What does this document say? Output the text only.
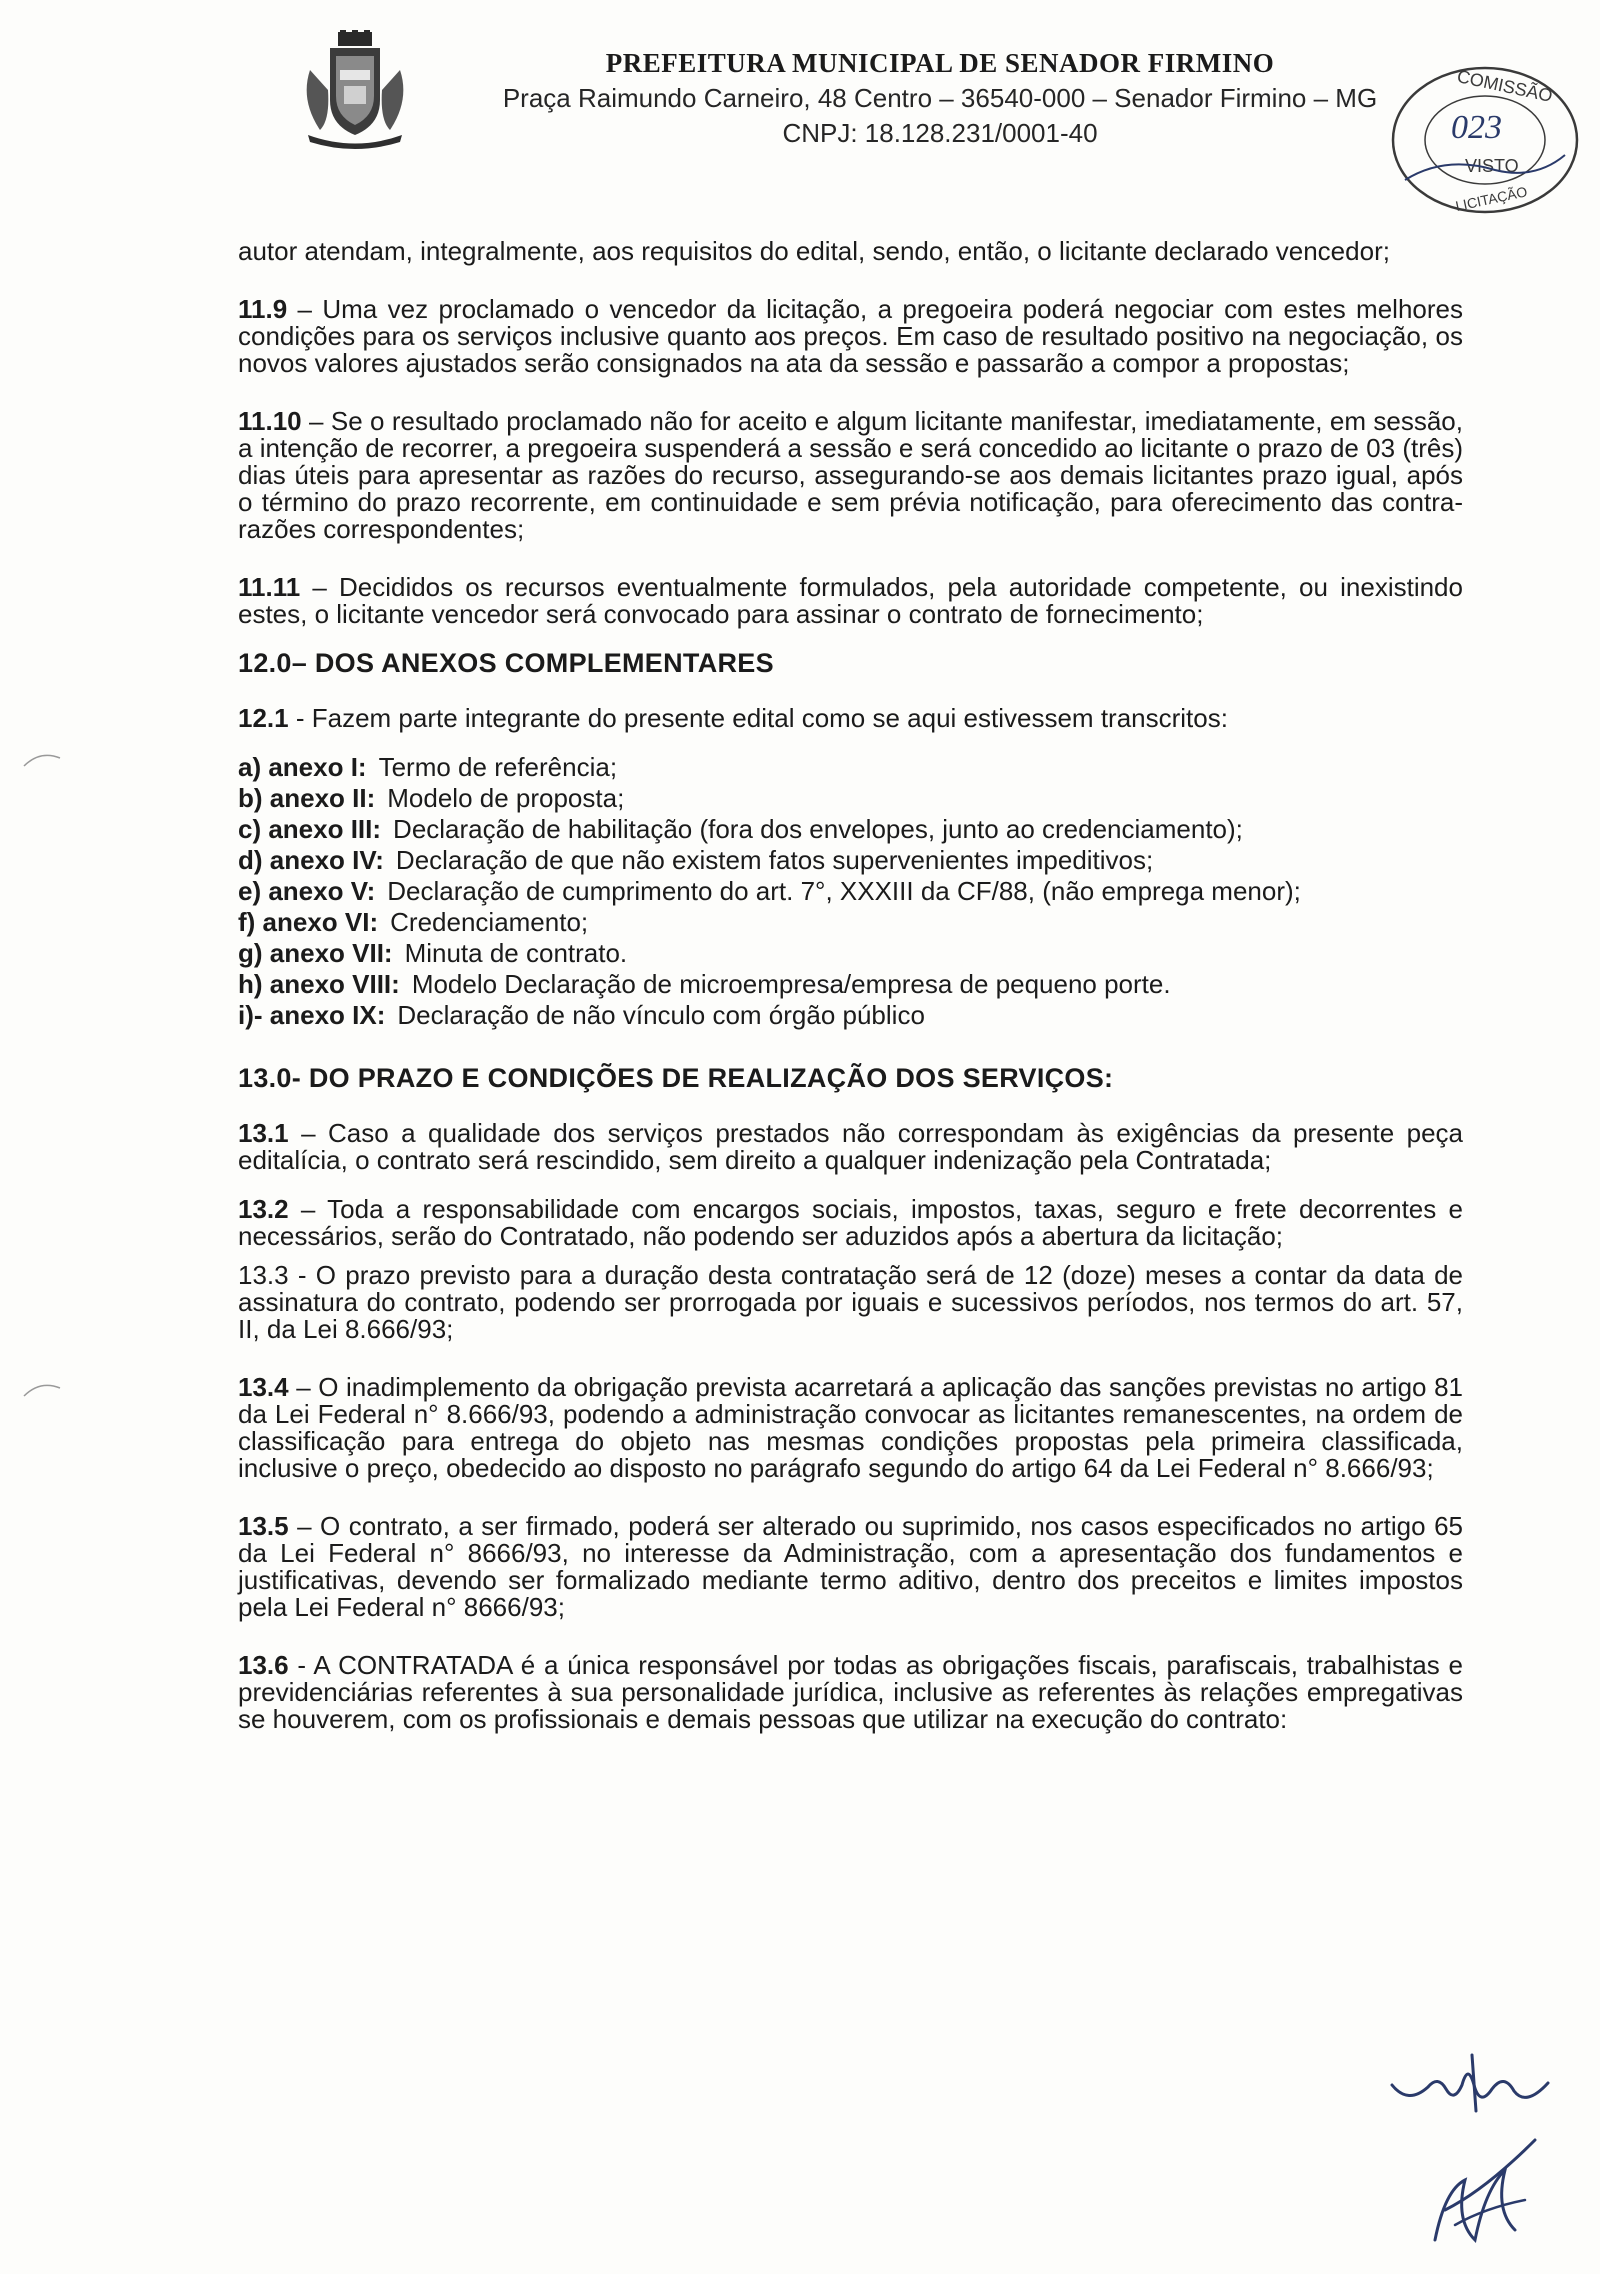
PREFEITURA MUNICIPAL DE SENADOR FIRMINO
Praça Raimundo Carneiro, 48 Centro – 36540-000 – Senador Firmino – MG
CNPJ: 18.128.231/0001-40
COMISSÃO
023
VISTO
LICITAÇÃO

autor atendam, integralmente, aos requisitos do edital, sendo, então, o licitante declarado vencedor;

11.9 – Uma vez proclamado o vencedor da licitação, a pregoeira poderá negociar com estes melhores condições para os serviços inclusive quanto aos preços. Em caso de resultado positivo na negociação, os novos valores ajustados serão consignados na ata da sessão e passarão a compor a propostas;

11.10 – Se o resultado proclamado não for aceito e algum licitante manifestar, imediatamente, em sessão, a intenção de recorrer, a pregoeira suspenderá a sessão e será concedido ao licitante o prazo de 03 (três) dias úteis para apresentar as razões do recurso, assegurando-se aos demais licitantes prazo igual, após o término do prazo recorrente, em continuidade e sem prévia notificação, para oferecimento das contra-razões correspondentes;

11.11 – Decididos os recursos eventualmente formulados, pela autoridade competente, ou inexistindo estes, o licitante vencedor será convocado para assinar o contrato de fornecimento;

12.0– DOS ANEXOS COMPLEMENTARES

12.1 - Fazem parte integrante do presente edital como se aqui estivessem transcritos:

a) anexo I: Termo de referência;
b) anexo II: Modelo de proposta;
c) anexo III: Declaração de habilitação (fora dos envelopes, junto ao credenciamento);
d) anexo IV: Declaração de que não existem fatos supervenientes impeditivos;
e) anexo V: Declaração de cumprimento do art. 7°, XXXIII da CF/88, (não emprega menor);
f) anexo VI: Credenciamento;
g) anexo VII: Minuta de contrato.
h) anexo VIII: Modelo Declaração de microempresa/empresa de pequeno porte.
i)- anexo IX: Declaração de não vínculo com órgão público
13.0- DO PRAZO E CONDIÇÕES DE REALIZAÇÃO DOS SERVIÇOS:

13.1 – Caso a qualidade dos serviços prestados não correspondam às exigências da presente peça editalícia, o contrato será rescindido, sem direito a qualquer indenização pela Contratada;

13.2 – Toda a responsabilidade com encargos sociais, impostos, taxas, seguro e frete decorrentes e necessários, serão do Contratado, não podendo ser aduzidos após a abertura da licitação;

13.3 - O prazo previsto para a duração desta contratação será de 12 (doze) meses a contar da data de assinatura do contrato, podendo ser prorrogada por iguais e sucessivos períodos, nos termos do art. 57, II, da Lei 8.666/93;

13.4 – O inadimplemento da obrigação prevista acarretará a aplicação das sanções previstas no artigo 81 da Lei Federal n° 8.666/93, podendo a administração convocar as licitantes remanescentes, na ordem de classificação para entrega do objeto nas mesmas condições propostas pela primeira classificada, inclusive o preço, obedecido ao disposto no parágrafo segundo do artigo 64 da Lei Federal n° 8.666/93;

13.5 – O contrato, a ser firmado, poderá ser alterado ou suprimido, nos casos especificados no artigo 65 da Lei Federal n° 8666/93, no interesse da Administração, com a apresentação dos fundamentos e justificativas, devendo ser formalizado mediante termo aditivo, dentro dos preceitos e limites impostos pela Lei Federal n° 8666/93;

13.6 - A CONTRATADA é a única responsável por todas as obrigações fiscais, parafiscais, trabalhistas e previdenciárias referentes à sua personalidade jurídica, inclusive as referentes às relações empregativas se houverem, com os profissionais e demais pessoas que utilizar na execução do contrato:
